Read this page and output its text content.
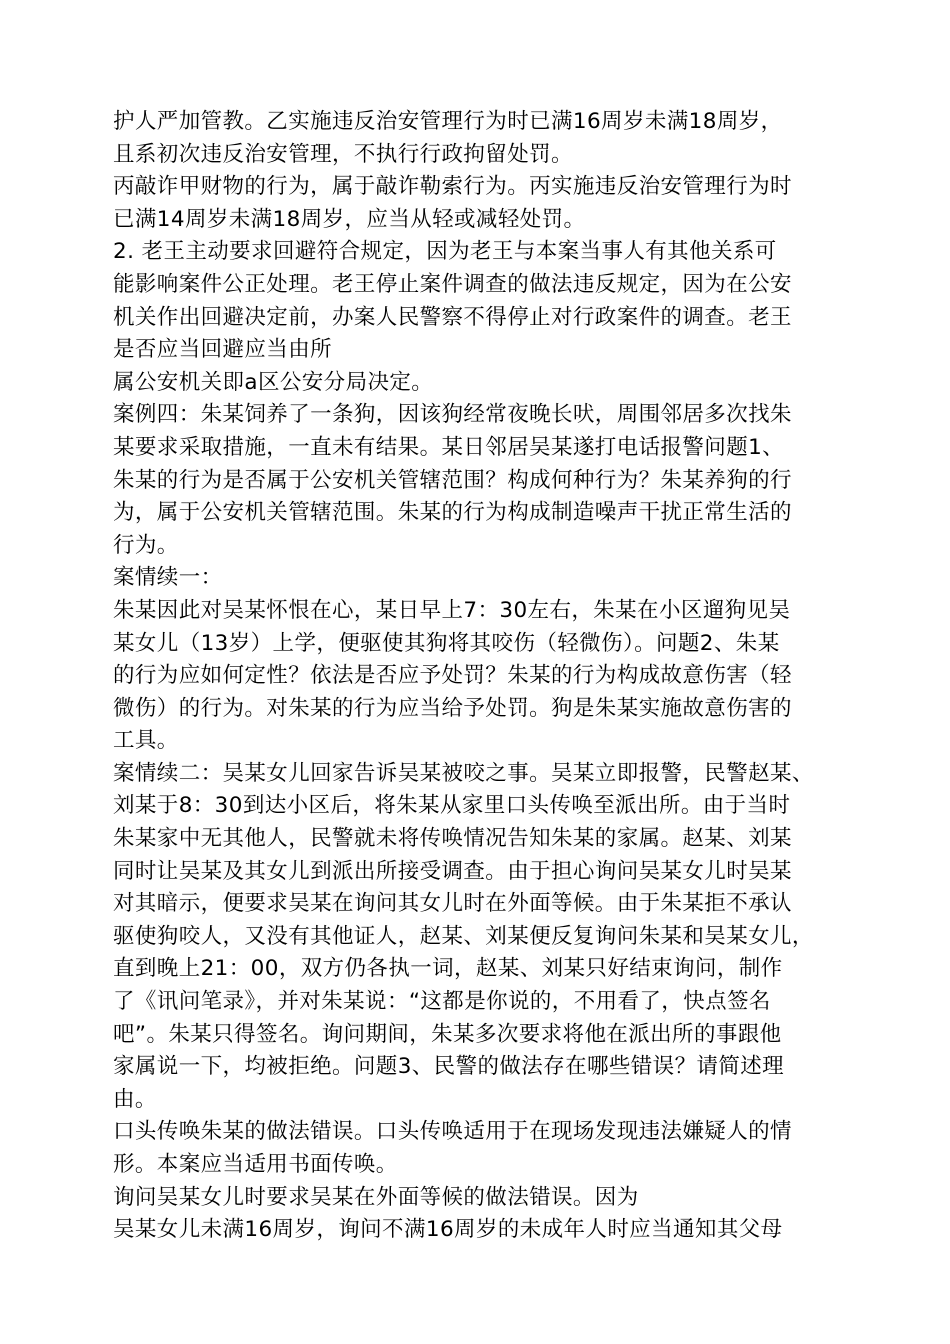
护人严加管教。乙实施违反治安管理行为时已满16周岁未满18周岁，
且系初次违反治安管理，不执行行政拘留处罚。
丙敲诈甲财物的行为，属于敲诈勒索行为。丙实施违反治安管理行为时
已满14周岁未满18周岁，应当从轻或减轻处罚。
2. 老王主动要求回避符合规定，因为老王与本案当事人有其他关系可
能影响案件公正处理。老王停止案件调查的做法违反规定，因为在公安
机关作出回避决定前，办案人民警察不得停止对行政案件的调查。老王
是否应当回避应当由所
属公安机关即a区公安分局决定。
案例四：朱某饲养了一条狗，因该狗经常夜晚长吠，周围邻居多次找朱
某要求采取措施，一直未有结果。某日邻居吴某遂打电话报警问题1、
朱某的行为是否属于公安机关管辖范围？构成何种行为？朱某养狗的行
为，属于公安机关管辖范围。朱某的行为构成制造噪声干扰正常生活的
行为。
案情续一：
朱某因此对吴某怀恨在心，某日早上7：30左右，朱某在小区遛狗见吴
某女儿（13岁）上学，便驱使其狗将其咬伤（轻微伤）。问题2、朱某
的行为应如何定性？依法是否应予处罚？朱某的行为构成故意伤害（轻
微伤）的行为。对朱某的行为应当给予处罚。狗是朱某实施故意伤害的
工具。
案情续二：吴某女儿回家告诉吴某被咬之事。吴某立即报警，民警赵某、
刘某于8：30到达小区后，将朱某从家里口头传唤至派出所。由于当时
朱某家中无其他人，民警就未将传唤情况告知朱某的家属。赵某、刘某
同时让吴某及其女儿到派出所接受调查。由于担心询问吴某女儿时吴某
对其暗示，便要求吴某在询问其女儿时在外面等候。由于朱某拒不承认
驱使狗咬人，又没有其他证人，赵某、刘某便反复询问朱某和吴某女儿，
直到晚上21：00，双方仍各执一词，赵某、刘某只好结束询问，制作
了《讯问笔录》，并对朱某说：“这都是你说的，不用看了，快点签名
吧”。朱某只得签名。询问期间，朱某多次要求将他在派出所的事跟他
家属说一下，均被拒绝。问题3、民警的做法存在哪些错误？请简述理
由。
口头传唤朱某的做法错误。口头传唤适用于在现场发现违法嫌疑人的情
形。本案应当适用书面传唤。
询问吴某女儿时要求吴某在外面等候的做法错误。因为
吴某女儿未满16周岁，询问不满16周岁的未成年人时应当通知其父母
